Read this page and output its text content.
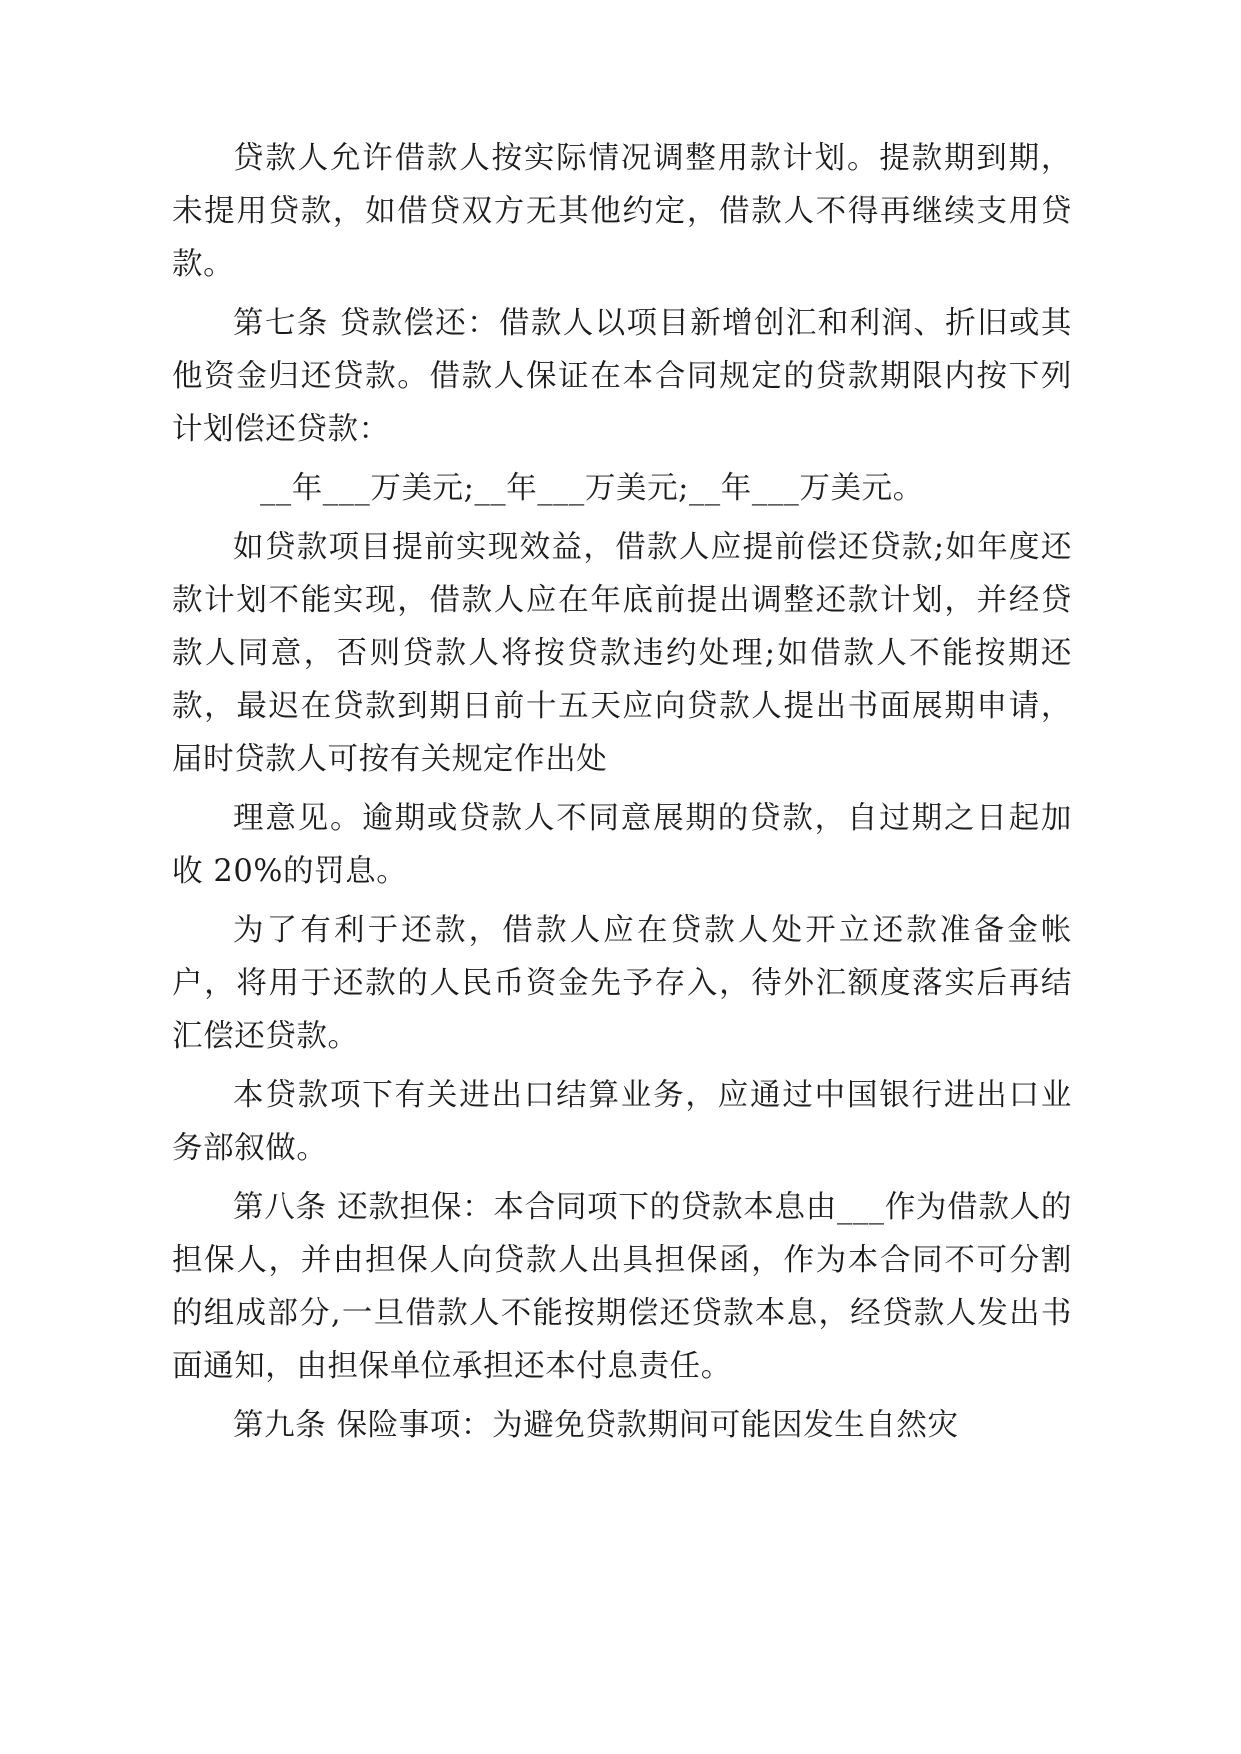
贷款人允许借款人按实际情况调整用款计划。提款期到期，未提用贷款，如借贷双方无其他约定，借款人不得再继续支用贷款。

第七条 贷款偿还：借款人以项目新增创汇和利润、折旧或其他资金归还贷款。借款人保证在本合同规定的贷款期限内按下列计划偿还贷款：

__年___万美元;__年___万美元;__年___万美元。

如贷款项目提前实现效益，借款人应提前偿还贷款;如年度还款计划不能实现，借款人应在年底前提出调整还款计划，并经贷款人同意，否则贷款人将按贷款违约处理;如借款人不能按期还款，最迟在贷款到期日前十五天应向贷款人提出书面展期申请，届时贷款人可按有关规定作出处

理意见。逾期或贷款人不同意展期的贷款，自过期之日起加收 20%的罚息。

为了有利于还款，借款人应在贷款人处开立还款准备金帐户，将用于还款的人民币资金先予存入，待外汇额度落实后再结汇偿还贷款。

本贷款项下有关进出口结算业务，应通过中国银行进出口业务部叙做。

第八条 还款担保：本合同项下的贷款本息由___作为借款人的担保人，并由担保人向贷款人出具担保函，作为本合同不可分割的组成部分,一旦借款人不能按期偿还贷款本息，经贷款人发出书面通知，由担保单位承担还本付息责任。

第九条 保险事项：为避免贷款期间可能因发生自然灾
